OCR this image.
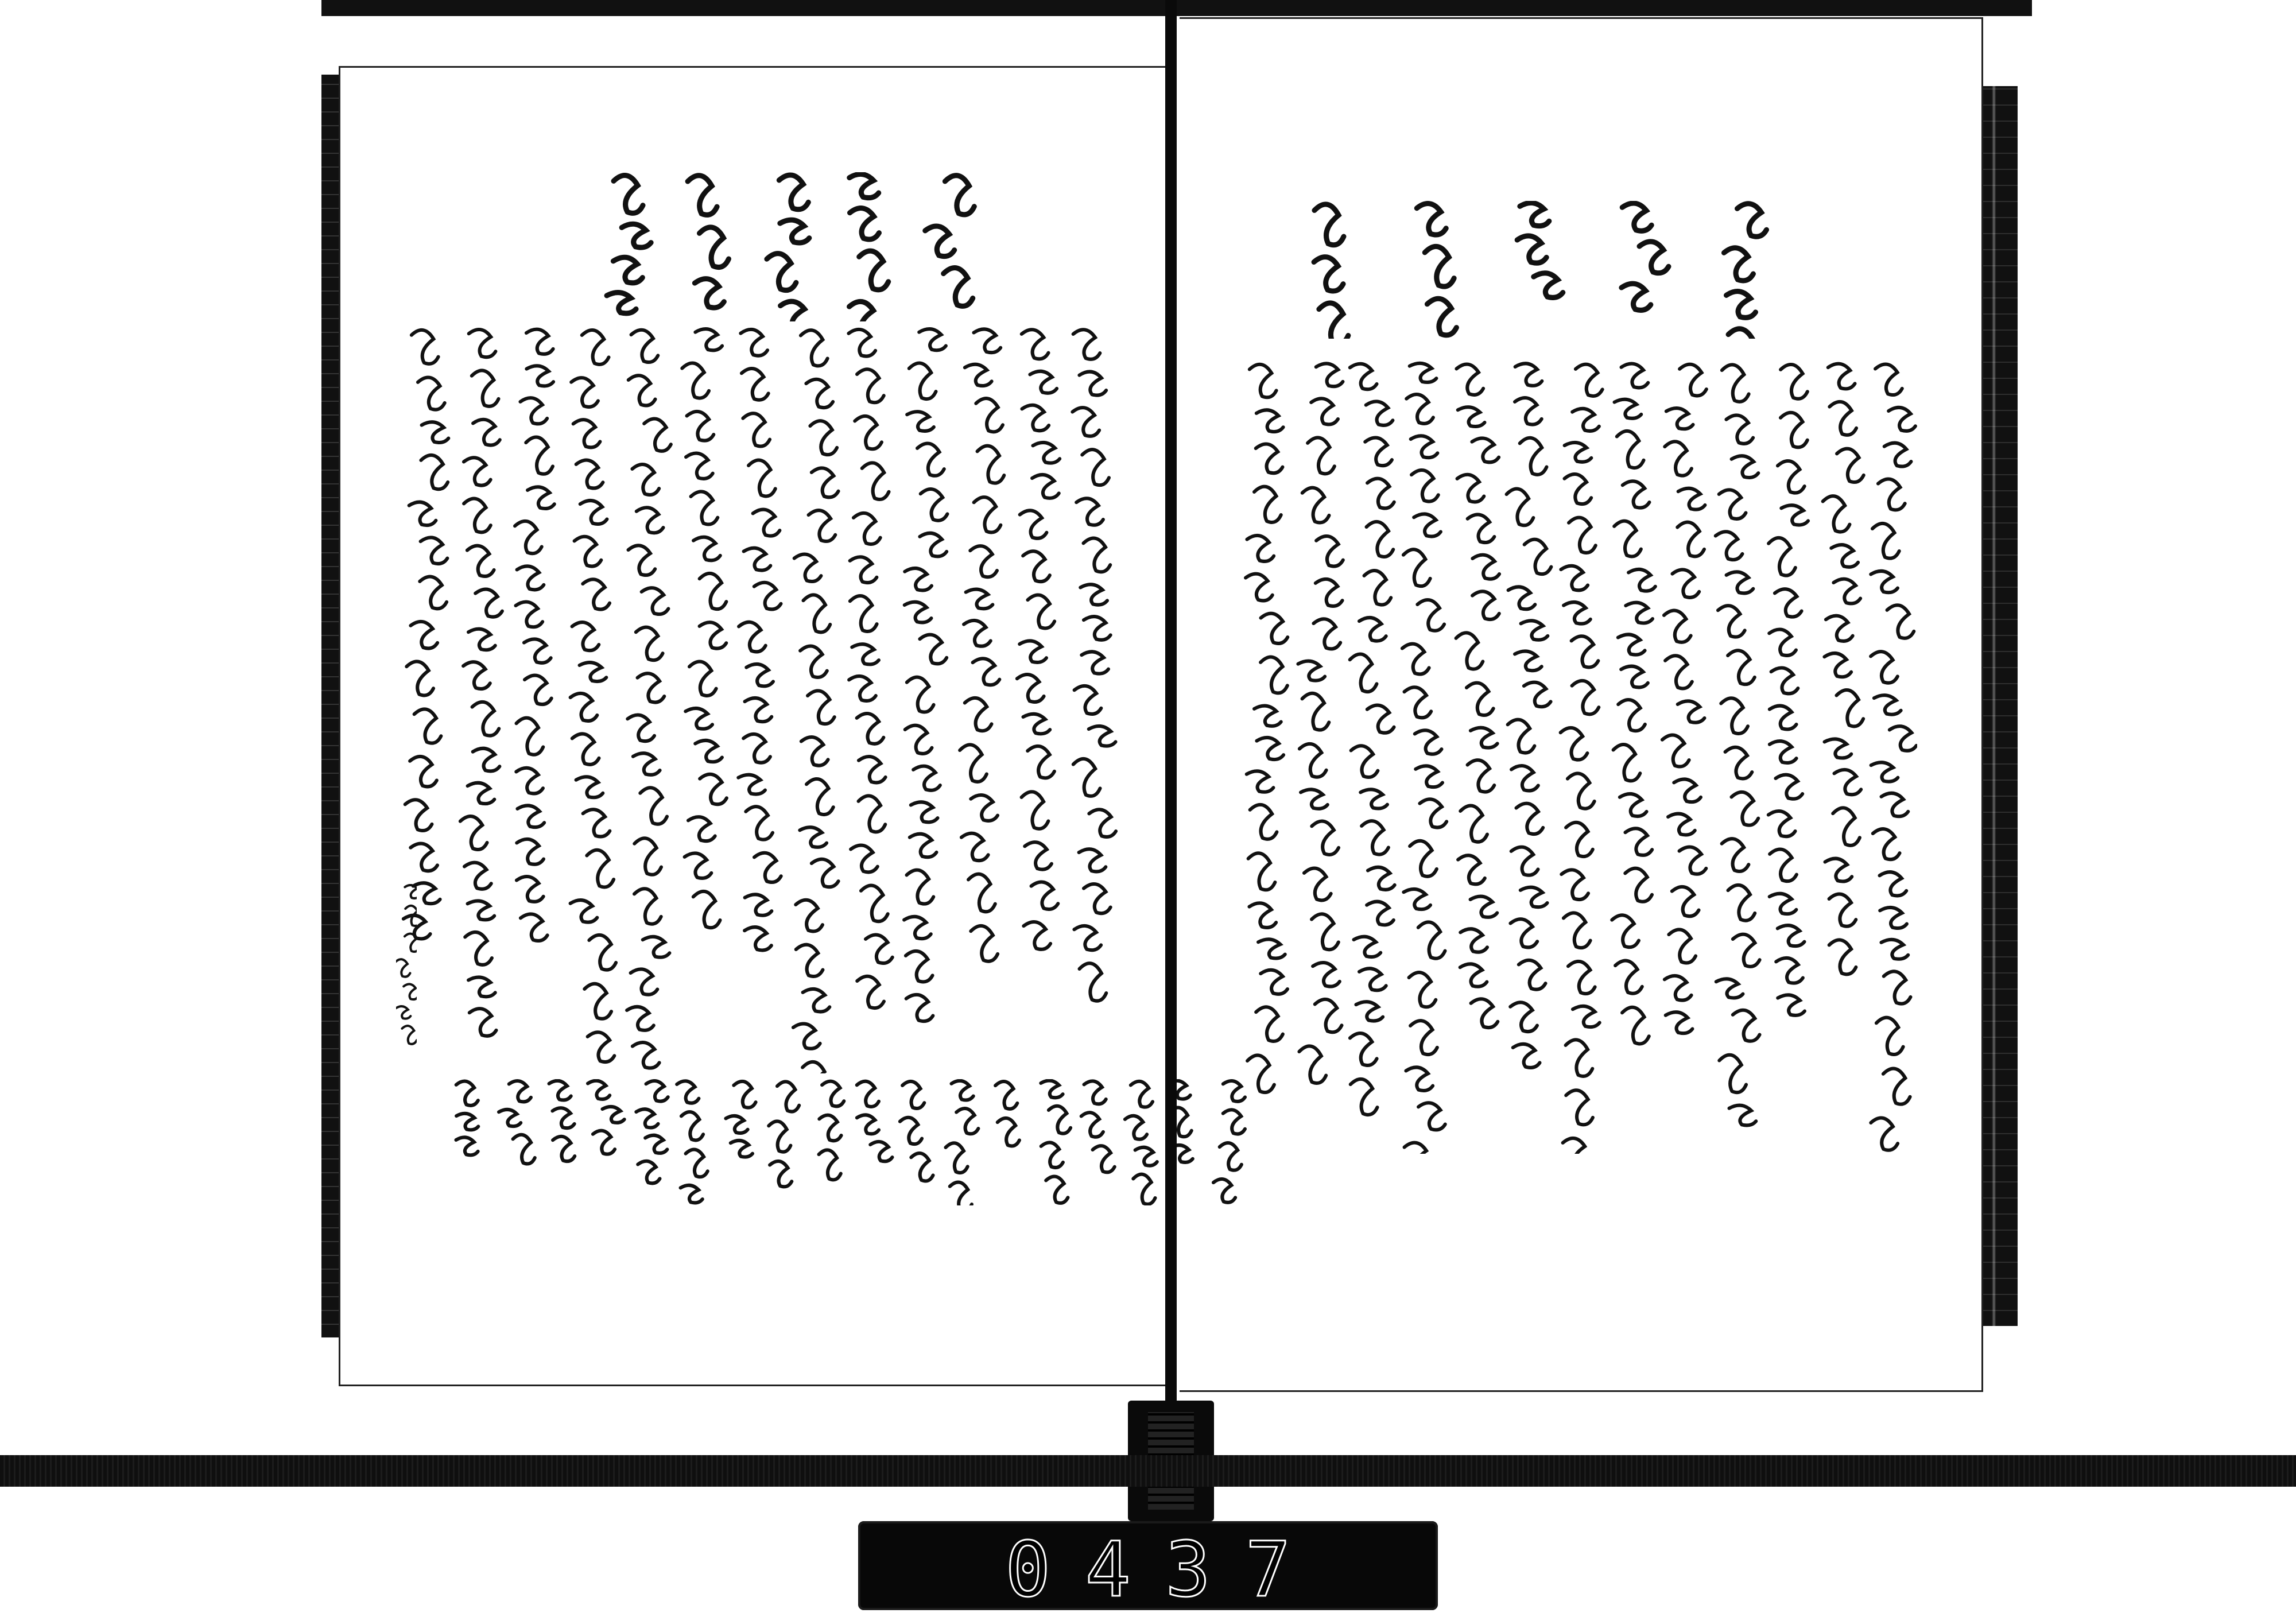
0437
